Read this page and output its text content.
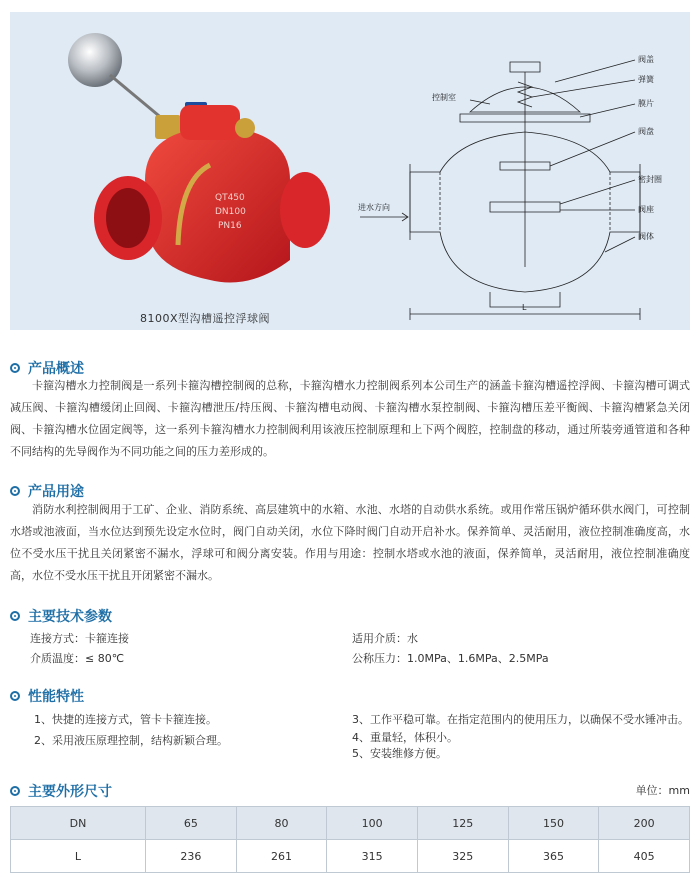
QT450
DN100
PN16
8100X型沟槽遥控浮球阀
L
进水方向
控制室
阀盖
弹簧
膜片
阀盘
密封圈
阀座
阀体
产品概述
卡箍沟槽水力控制阀是一系列卡箍沟槽控制阀的总称，卡箍沟槽水力控制阀系列本公司生产的涵盖卡箍沟槽遥控浮阀、卡箍沟槽可调式减压阀、卡箍沟槽缓闭止回阀、卡箍沟槽泄压/持压阀、卡箍沟槽电动阀、卡箍沟槽水泵控制阀、卡箍沟槽压差平衡阀、卡箍沟槽紧急关闭阀、卡箍沟槽水位固定阀等，这一系列卡箍沟槽水力控制阀利用该液压控制原理和上下两个阀腔，控制盘的移动，通过所装旁通管道和各种不同结构的先导阀作为不同功能之间的压力差形成的。
产品用途
消防水利控制阀用于工矿、企业、消防系统、高层建筑中的水箱、水池、水塔的自动供水系统。或用作常压锅炉循环供水阀门，可控制水塔或池液面，当水位达到预先设定水位时，阀门自动关闭，水位下降时阀门自动开启补水。保养简单、灵活耐用，液位控制准确度高，水位不受水压干扰且关闭紧密不漏水，浮球可和阀分离安装。作用与用途：控制水塔或水池的液面，保养简单，灵活耐用，液位控制准确度高，水位不受水压干扰且开闭紧密不漏水。
主要技术参数
连接方式：卡箍连接	适用介质：水
介质温度：≤ 80℃	公称压力：1.0MPa、1.6MPa、2.5MPa
性能特性
1、快捷的连接方式，管卡卡箍连接。
2、采用液压原理控制，结构新颖合理。
3、工作平稳可靠。在指定范围内的使用压力，以确保不受水锤冲击。
4、重量轻，体积小。
5、安装维修方便。
主要外形尺寸	单位：mm
DN	65	80	100	125	150	200
L	236	261	315	325	365	405
